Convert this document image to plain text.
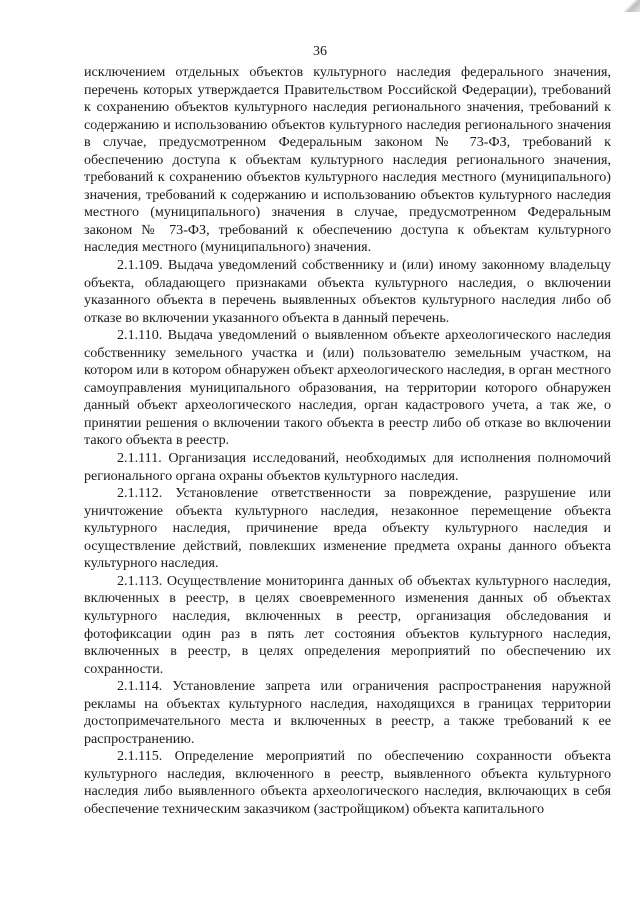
36

исключением отдельных объектов культурного наследия федерального значения, перечень которых утверждается Правительством Российской Федерации), требований к сохранению объектов культурного наследия регионального значения, требований к содержанию и использованию объектов культурного наследия регионального значения в случае, предусмотренном Федеральным законом № 73-ФЗ, требований к обеспечению доступа к объектам культурного наследия регионального значения, требований к сохранению объектов культурного наследия местного (муниципального) значения, требований к содержанию и использованию объектов культурного наследия местного (муниципального) значения в случае, предусмотренном Федеральным законом № 73-ФЗ, требований к обеспечению доступа к объектам культурного наследия местного (муниципального) значения.

2.1.109. Выдача уведомлений собственнику и (или) иному законному владельцу объекта, обладающего признаками объекта культурного наследия, о включении указанного объекта в перечень выявленных объектов культурного наследия либо об отказе во включении указанного объекта в данный перечень.

2.1.110. Выдача уведомлений о выявленном объекте археологического наследия собственнику земельного участка и (или) пользователю земельным участком, на котором или в котором обнаружен объект археологического наследия, в орган местного самоуправления муниципального образования, на территории которого обнаружен данный объект археологического наследия, орган кадастрового учета, а так же, о принятии решения о включении такого объекта в реестр либо об отказе во включении такого объекта в реестр.

2.1.111. Организация исследований, необходимых для исполнения полномочий регионального органа охраны объектов культурного наследия.

2.1.112. Установление ответственности за повреждение, разрушение или уничтожение объекта культурного наследия, незаконное перемещение объекта культурного наследия, причинение вреда объекту культурного наследия и осуществление действий, повлекших изменение предмета охраны данного объекта культурного наследия.

2.1.113. Осуществление мониторинга данных об объектах культурного наследия, включенных в реестр, в целях своевременного изменения данных об объектах культурного наследия, включенных в реестр, организация обследования и фотофиксации один раз в пять лет состояния объектов культурного наследия, включенных в реестр, в целях определения мероприятий по обеспечению их сохранности.

2.1.114. Установление запрета или ограничения распространения наружной рекламы на объектах культурного наследия, находящихся в границах территории достопримечательного места и включенных в реестр, а также требований к ее распространению.

2.1.115. Определение мероприятий по обеспечению сохранности объекта культурного наследия, включенного в реестр, выявленного объекта культурного наследия либо выявленного объекта археологического наследия, включающих в себя обеспечение техническим заказчиком (застройщиком) объекта капитального
